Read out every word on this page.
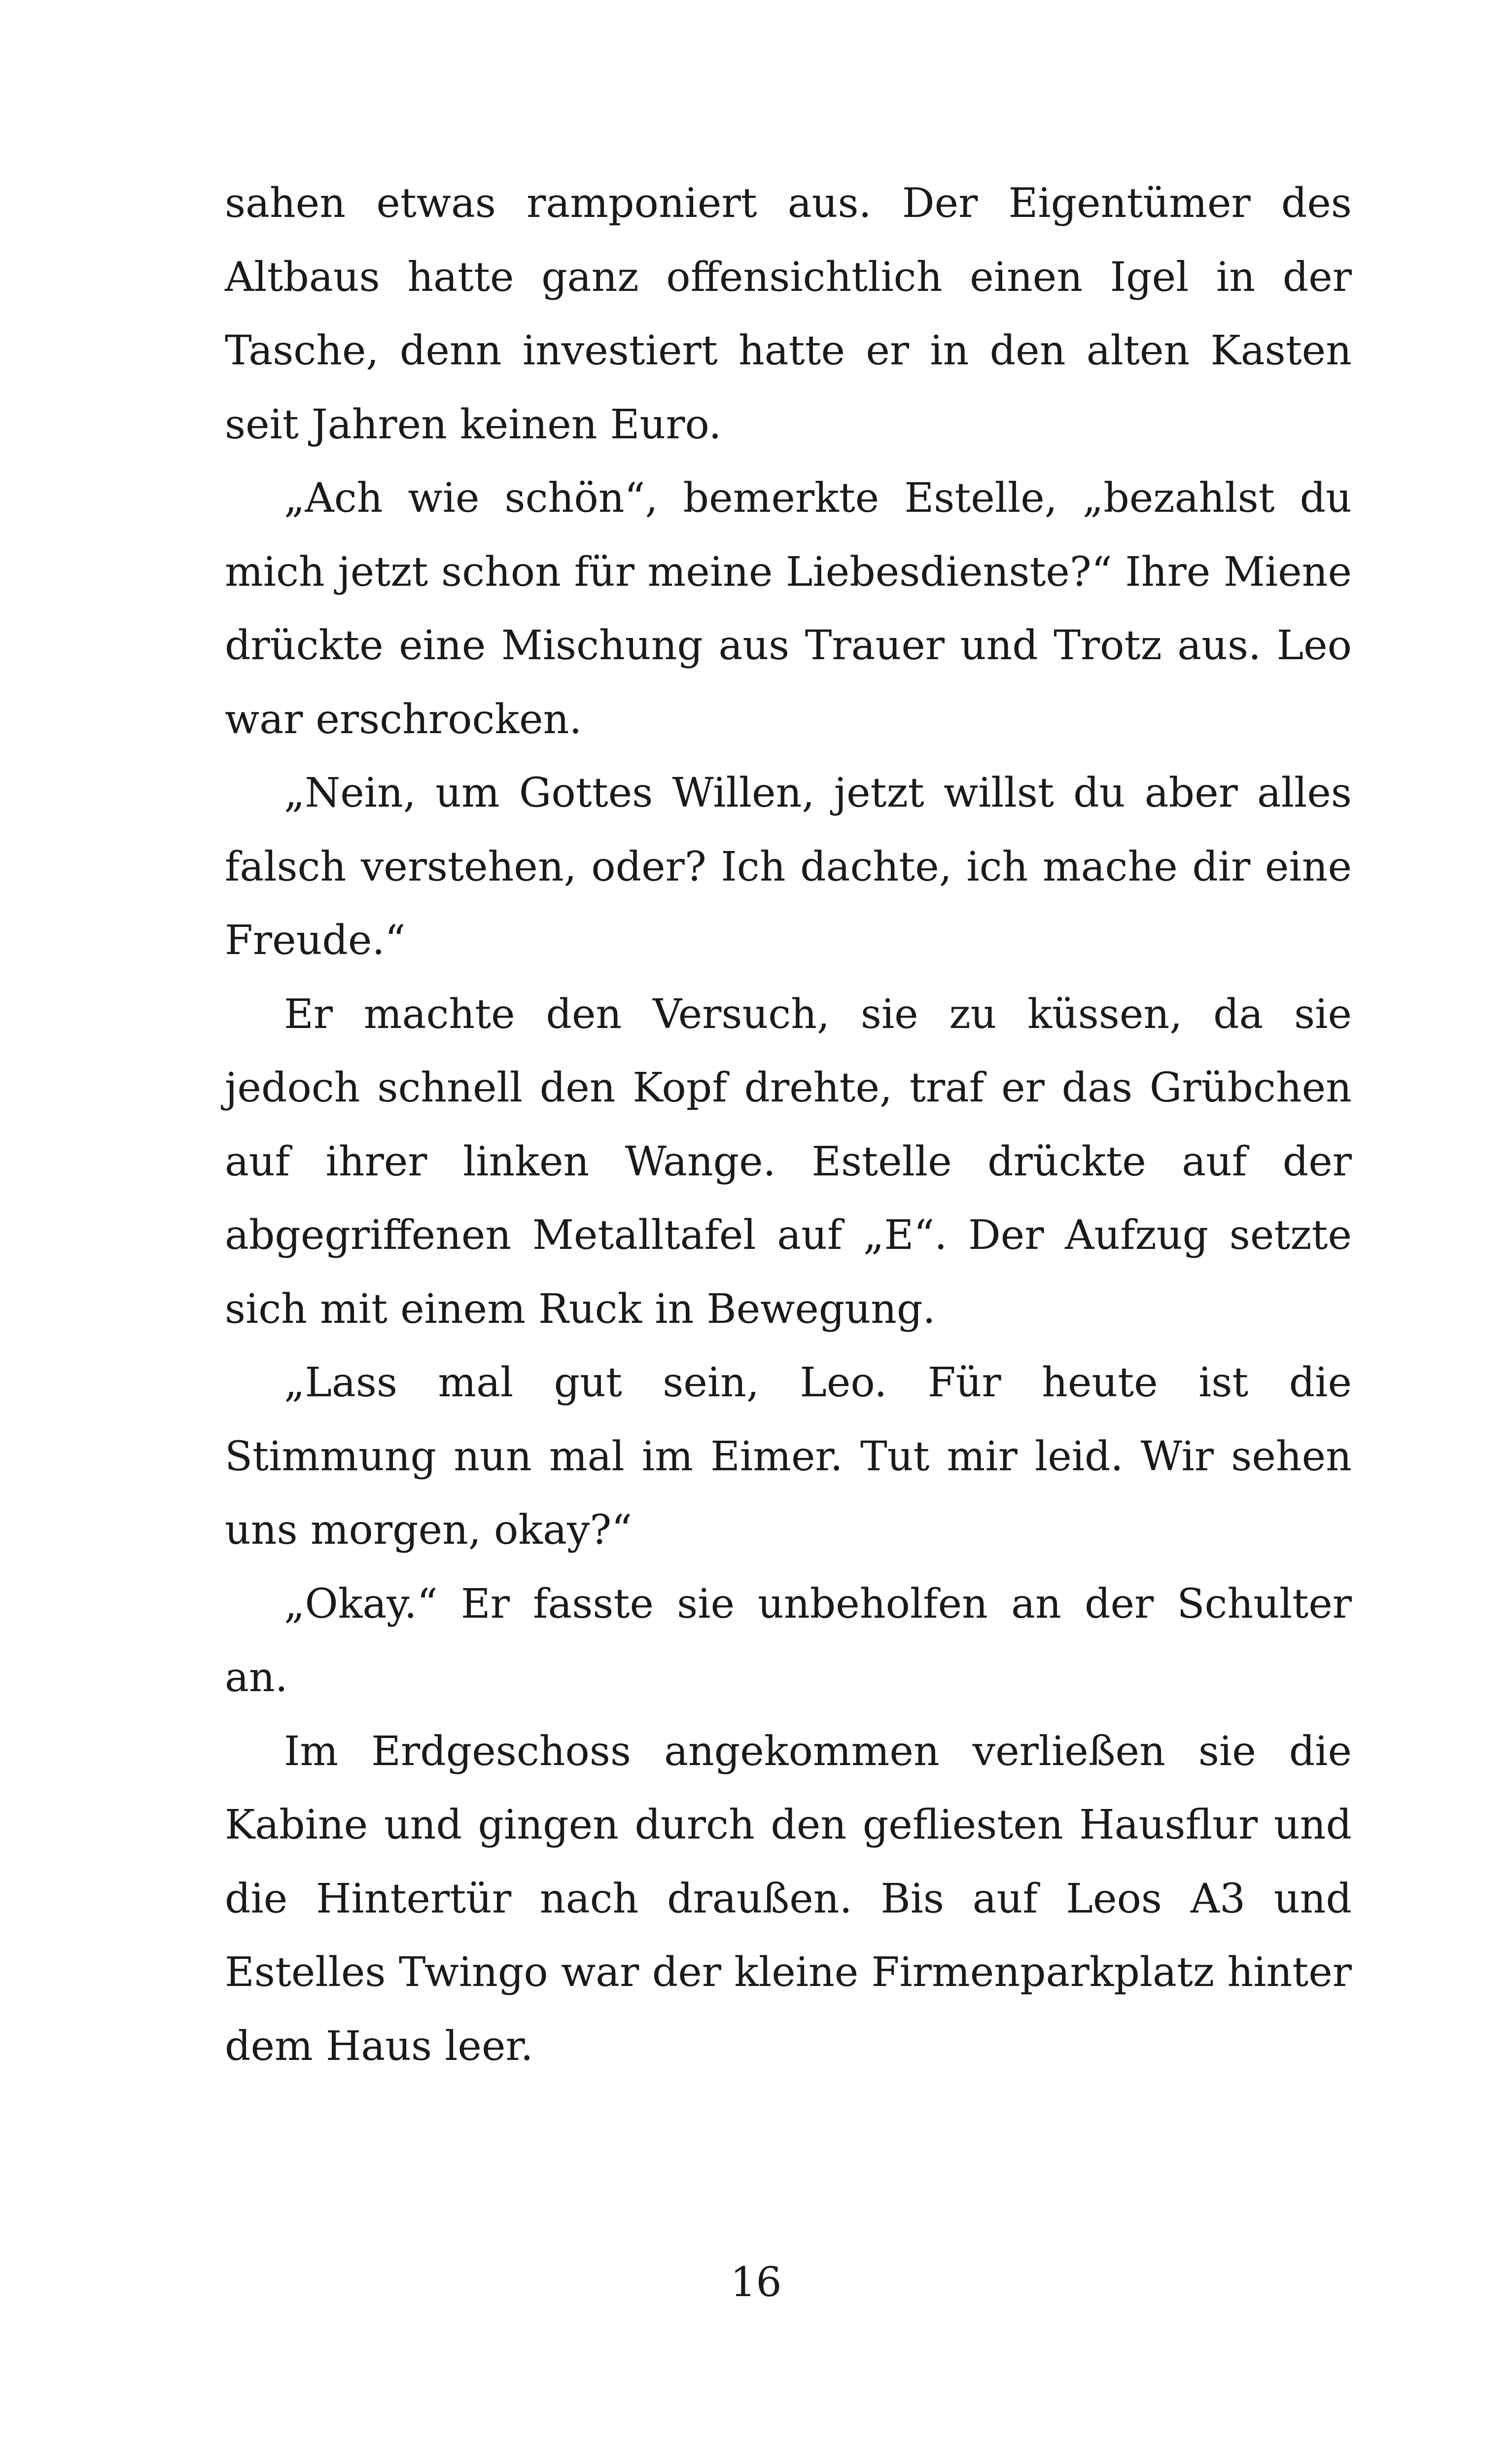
sahen etwas ramponiert aus. Der Eigentümer des Altbaus hatte ganz offensichtlich einen Igel in der Tasche, denn investiert hatte er in den alten Kasten seit Jahren keinen Euro.

„Ach wie schön“, bemerkte Estelle, „bezahlst du mich jetzt schon für meine Liebesdienste?“ Ihre Miene drückte eine Mischung aus Trauer und Trotz aus. Leo war erschrocken.

„Nein, um Gottes Willen, jetzt willst du aber alles falsch verstehen, oder? Ich dachte, ich mache dir eine Freude.“

Er machte den Versuch, sie zu küssen, da sie jedoch schnell den Kopf drehte, traf er das Grübchen auf ihrer linken Wange. Estelle drückte auf der abgegriffenen Metalltafel auf „E“. Der Aufzug setzte sich mit einem Ruck in Bewegung.

„Lass mal gut sein, Leo. Für heute ist die Stimmung nun mal im Eimer. Tut mir leid. Wir sehen uns morgen, okay?“

„Okay.“ Er fasste sie unbeholfen an der Schulter an.

Im Erdgeschoss angekommen verließen sie die Kabine und gingen durch den gefliesten Hausflur und die Hintertür nach draußen. Bis auf Leos A3 und Estelles Twingo war der kleine Firmenparkplatz hinter dem Haus leer.

16
